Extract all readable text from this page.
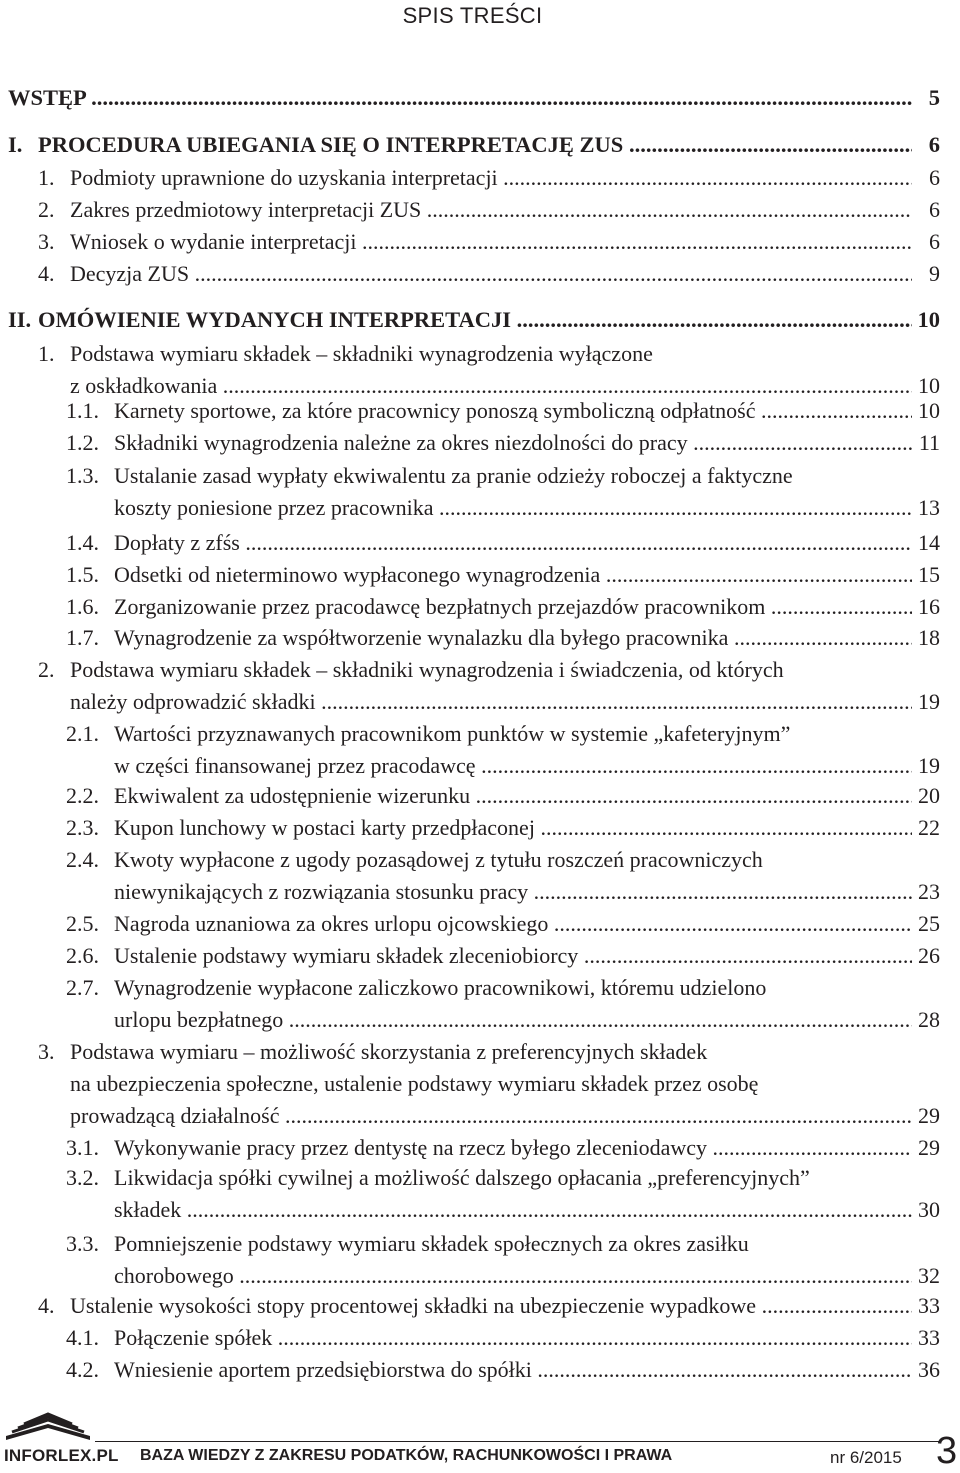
SPIS TREŚCI
WSTĘP .....	5
I. PROCEDURA UBIEGANIA SIĘ O INTERPRETACJĘ ZUS .....	6
1. Podmioty uprawnione do uzyskania interpretacji .....	6
2. Zakres przedmiotowy interpretacji ZUS .....	6
3. Wniosek o wydanie interpretacji .....	6
4. Decyzja ZUS .....	9
II. OMÓWIENIE WYDANYCH INTERPRETACJI .....	10
1. Podstawa wymiaru składek – składniki wynagrodzenia wyłączone
z oskładkowania .....	10
1.1. Karnety sportowe, za które pracownicy ponoszą symboliczną odpłatność .....	10
1.2. Składniki wynagrodzenia należne za okres niezdolności do pracy .....	11
1.3. Ustalanie zasad wypłaty ekwiwalentu za pranie odzieży roboczej a faktyczne
koszty poniesione przez pracownika .....	13
1.4. Dopłaty z zfśs .....	14
1.5. Odsetki od nieterminowo wypłaconego wynagrodzenia .....	15
1.6. Zorganizowanie przez pracodawcę bezpłatnych przejazdów pracownikom .....	16
1.7. Wynagrodzenie za współtworzenie wynalazku dla byłego pracownika .....	18
2. Podstawa wymiaru składek – składniki wynagrodzenia i świadczenia, od których
należy odprowadzić składki .....	19
2.1. Wartości przyznawanych pracownikom punktów w systemie „kafeteryjnym”
w części finansowanej przez pracodawcę .....	19
2.2. Ekwiwalent za udostępnienie wizerunku .....	20
2.3. Kupon lunchowy w postaci karty przedpłaconej .....	22
2.4. Kwoty wypłacone z ugody pozasądowej z tytułu roszczeń pracowniczych
niewynikających z rozwiązania stosunku pracy .....	23
2.5. Nagroda uznaniowa za okres urlopu ojcowskiego .....	25
2.6. Ustalenie podstawy wymiaru składek zleceniobiorcy .....	26
2.7. Wynagrodzenie wypłacone zaliczkowo pracownikowi, któremu udzielono
urlopu bezpłatnego .....	28
3. Podstawa wymiaru – możliwość skorzystania z preferencyjnych składek
na ubezpieczenia społeczne, ustalenie podstawy wymiaru składek przez osobę
prowadzącą działalność .....	29
3.1. Wykonywanie pracy przez dentystę na rzecz byłego zleceniodawcy .....	29
3.2. Likwidacja spółki cywilnej a możliwość dalszego opłacania „preferencyjnych”
składek .....	30
3.3. Pomniejszenie podstawy wymiaru składek społecznych za okres zasiłku
chorobowego .....	32
4. Ustalenie wysokości stopy procentowej składki na ubezpieczenie wypadkowe .....	33
4.1. Połączenie spółek .....	33
4.2. Wniesienie aportem przedsiębiorstwa do spółki .....	36
INFORLEX.PL BAZA WIEDZY Z ZAKRESU PODATKÓW, RACHUNKOWOŚCI I PRAWA	nr 6/2015 3
